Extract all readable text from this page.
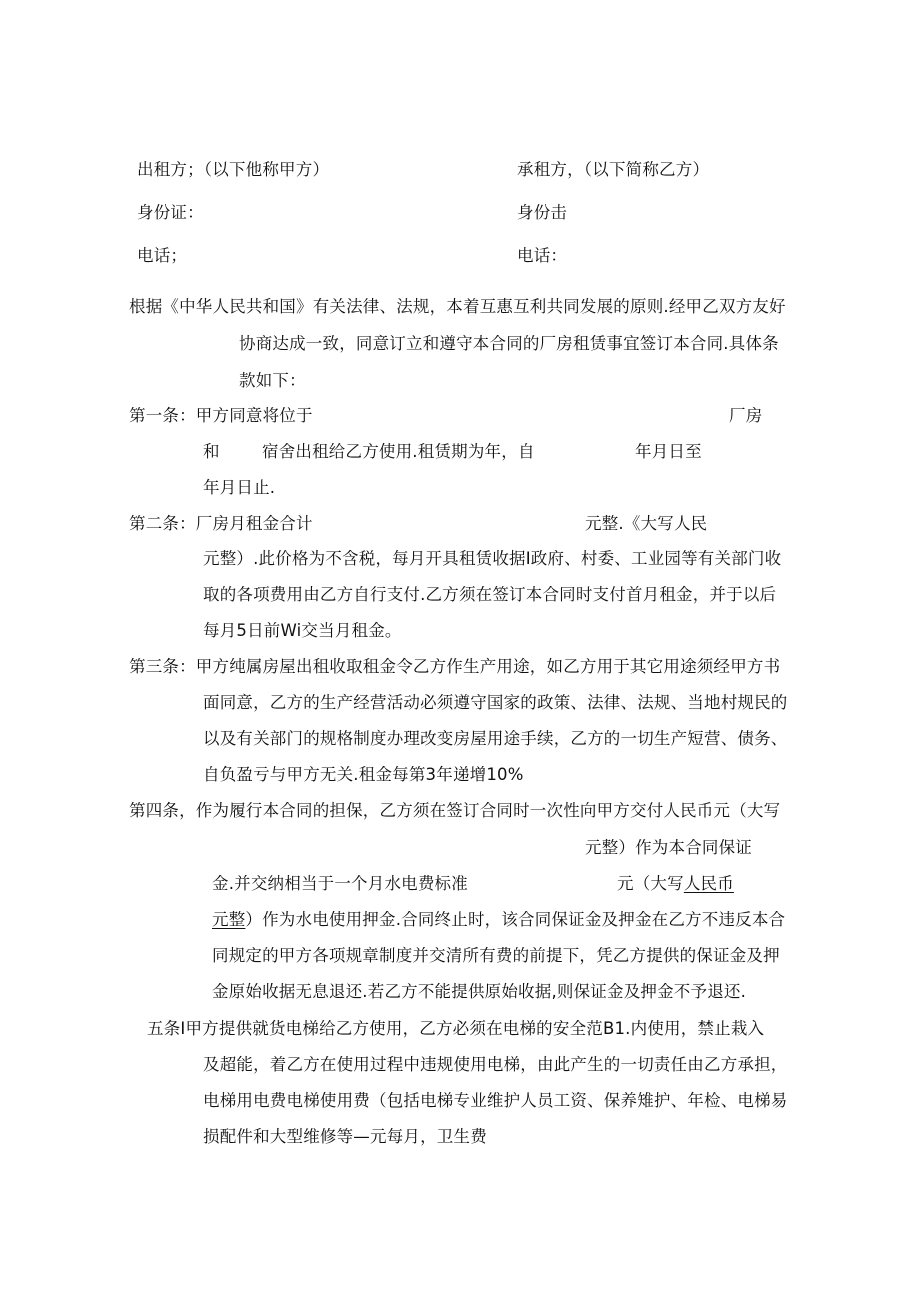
出租方；（以下他称甲方）	承租方，（以下简称乙方）
身份证：	身份击
电话；	电话：
根据《中华人民共和国》有关法律、法规，本着互惠互利共同发展的原则.经甲乙双方友好
协商达成一致，同意订立和遵守本合同的厂房租赁事宜签订本合同.具体条
款如下：
第一条：甲方同意将位于	厂房
和	宿舍出租给乙方使用.租赁期为年，自	年月日至
年月日止.
第二条：厂房月租金合计	元整.《大写人民
元整）.此价格为不含税，每月开具租赁收据I政府、村委、工业园等有关部门收
取的各项费用由乙方自行支付.乙方须在签订本合同时支付首月租金，并于以后
每月5日前Wi交当月租金。
第三条：甲方纯属房屋出租收取租金令乙方作生产用途，如乙方用于其它用途须经甲方书
面同意，乙方的生产经营活动必须遵守国家的政策、法律、法规、当地村规民的
以及有关部门的规格制度办理改变房屋用途手续，乙方的一切生产短营、债务、
自负盈亏与甲方无关.租金每第3年递增10%
第四条，作为履行本合同的担保，乙方须在签订合同时一次性向甲方交付人民币元（大写
元整）作为本合同保证
金.并交纳相当于一个月水电费标准	元（大写人民币
元整）作为水电使用押金.合同终止时，该合同保证金及押金在乙方不违反本合
同规定的甲方各项规章制度并交清所有费的前提下，凭乙方提供的保证金及押
金原始收据无息退还.若乙方不能提供原始收据,则保证金及押金不予退还.
五条I甲方提供就货电梯给乙方使用，乙方必须在电梯的安全范B1.内使用，禁止栽入
及超能，着乙方在使用过程中违规使用电梯，由此产生的一切责任由乙方承担，
电梯用电费电梯使用费（包括电梯专业维护人员工资、保养雉护、年检、电梯易
损配件和大型维修等—元每月，卫生费
